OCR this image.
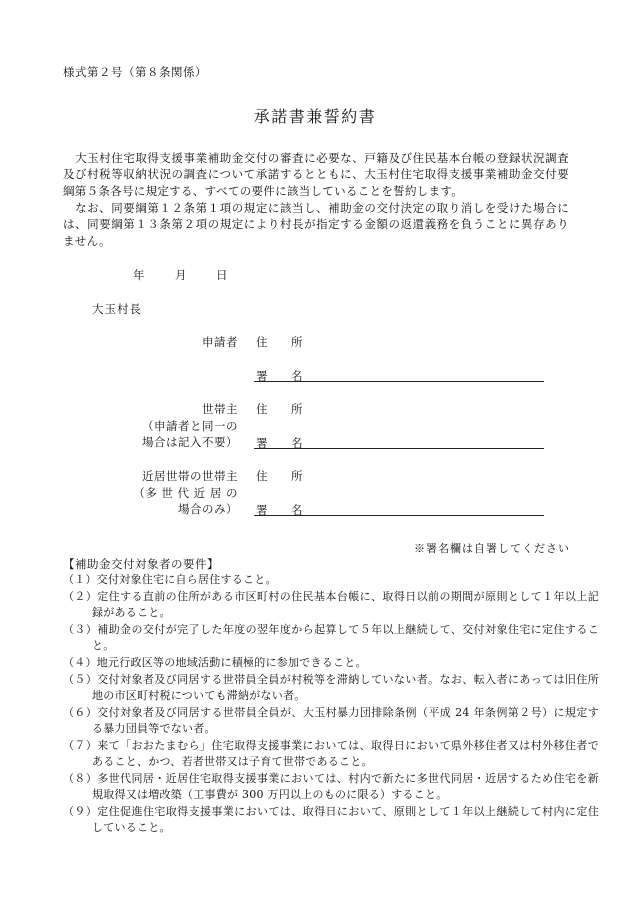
様式第２号（第８条関係）
承諾書兼誓約書
　大玉村住宅取得支援事業補助金交付の審査に必要な、戸籍及び住民基本台帳の登録状況調査及び村税等収納状況の調査について承諾するとともに、大玉村住宅取得支援事業補助金交付要綱第５条各号に規定する、すべての要件に該当していることを誓約します。
　なお、同要綱第１２条第１項の規定に該当し、補助金の交付決定の取り消しを受けた場合には、同要綱第１３条第２項の規定により村長が指定する金額の返還義務を負うことに異存ありません。
年	月	日
大玉村長
申請者 住　所
署　名
世帯主
（申請者と同一の
場合は記入不要）
住　所
署　名
近居世帯の世帯主
（多 世 代 近 居 の
場合のみ）
住　所
署　名
※署名欄は自署してください
【補助金交付対象者の要件】
（１）交付対象住宅に自ら居住すること。
（２）定住する直前の住所がある市区町村の住民基本台帳に、取得日以前の期間が原則として１年以上記録があること。
（３）補助金の交付が完了した年度の翌年度から起算して５年以上継続して、交付対象住宅に定住すること。
（４）地元行政区等の地域活動に積極的に参加できること。
（５）交付対象者及び同居する世帯員全員が村税等を滞納していない者。なお、転入者にあっては旧住所地の市区町村税についても滞納がない者。
（６）交付対象者及び同居する世帯員全員が、大玉村暴力団排除条例（平成 24 年条例第２号）に規定する暴力団員等でない者。
（７）来て「おおたまむら」住宅取得支援事業においては、取得日において県外移住者又は村外移住者であること、かつ、若者世帯又は子育て世帯であること。
（８）多世代同居・近居住宅取得支援事業においては、村内で新たに多世代同居・近居するため住宅を新規取得又は増改築（工事費が 300 万円以上のものに限る）すること。
（９）定住促進住宅取得支援事業においては、取得日において、原則として１年以上継続して村内に定住していること。
